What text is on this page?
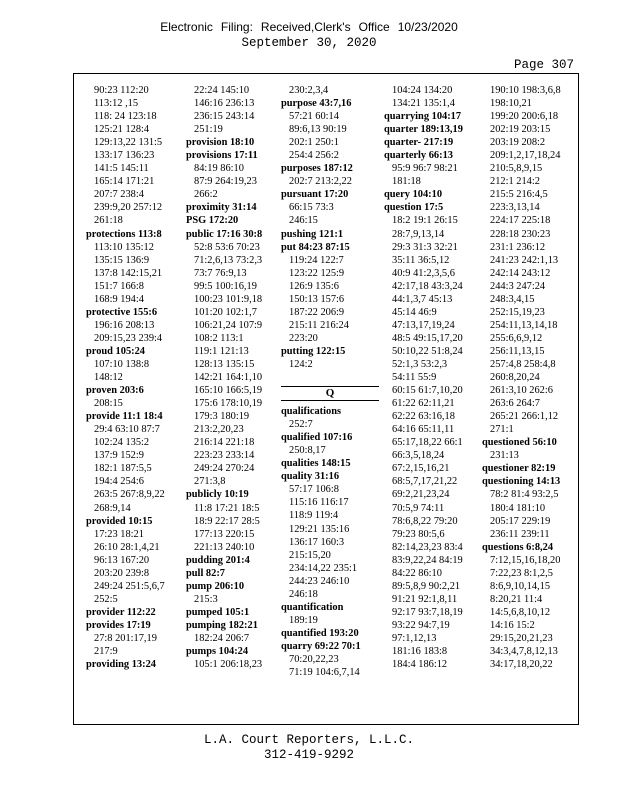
Electronic Filing: Received,Clerk's Office 10/23/2020
September 30, 2020
Page 307
90:23 112:20
113:12 ,15
118: 24 123:18
125:21 128:4
129:13,22 131:5
133:17 136:23
141:5 145:11
165:14 171:21
207:7 238:4
239:9,20 257:12
261:18
protections 113:8
113:10 135:12
135:15 136:9
137:8 142:15,21
151:7 166:8
168:9 194:4
protective 155:6
196:16 208:13
209:15,23 239:4
proud 105:24
107:10 138:8
148:12
proven 203:6
208:15
provide 11:1 18:4
29:4 63:10 87:7
102:24 135:2
137:9 152:9
182:1 187:5,5
194:4 254:6
263:5 267:8,9,22
268:9,14
provided 10:15
17:23 18:21
26:10 28:1,4,21
96:13 167:20
203:20 239:8
249:24 251:5,6,7
252:5
provider 112:22
provides 17:19
27:8 201:17,19
217:9
providing 13:24
22:24 145:10
146:16 236:13
236:15 243:14
251:19
provision 18:10
provisions 17:11
84:19 86:10
87:9 264:19,23
266:2
proximity 31:14
PSG 172:20
public 17:16 30:8
52:8 53:6 70:23
71:2,6,13 73:2,3
73:7 76:9,13
99:5 100:16,19
100:23 101:9,18
101:20 102:1,7
106:21,24 107:9
108:2 113:1
119:1 121:13
128:13 135:15
142:21 164:1,10
165:10 166:5,19
175:6 178:10,19
179:3 180:19
213:2,20,23
216:14 221:18
223:23 233:14
249:24 270:24
271:3,8
publicly 10:19
11:8 17:21 18:5
18:9 22:17 28:5
177:13 220:15
221:13 240:10
pudding 201:4
pull 82:7
pump 206:10
215:3
pumped 105:1
pumping 182:21
182:24 206:7
pumps 104:24
105:1 206:18,23
230:2,3,4
purpose 43:7,16
57:21 60:14
89:6,13 90:19
202:1 250:1
254:4 256:2
purposes 187:12
202:7 213:2,22
pursuant 17:20
66:15 73:3
246:15
pushing 121:1
put 84:23 87:15
119:24 122:7
123:22 125:9
126:9 135:6
150:13 157:6
187:22 206:9
215:11 216:24
223:20
putting 122:15
124:2
Q
qualifications
252:7
qualified 107:16
250:8,17
qualities 148:15
quality 31:16
57:17 106:8
115:16 116:17
118:9 119:4
129:21 135:16
136:17 160:3
215:15,20
234:14,22 235:1
244:23 246:10
246:18
quantification
189:19
quantified 193:20
quarry 69:22 70:1
70:20,22,23
71:19 104:6,7,14
104:24 134:20
134:21 135:1,4
quarrying 104:17
quarter 189:13,19
quarter- 217:19
quarterly 66:13
95:9 96:7 98:21
181:18
query 104:10
question 17:5
18:2 19:1 26:15
28:7,9,13,14
29:3 31:3 32:21
35:11 36:5,12
40:9 41:2,3,5,6
42:17,18 43:3,24
44:1,3,7 45:13
45:14 46:9
47:13,17,19,24
48:5 49:15,17,20
50:10,22 51:8,24
52:1,3 53:2,3
54:11 55:9
60:15 61:7,10,20
61:22 62:11,21
62:22 63:16,18
64:16 65:11,11
65:17,18,22 66:1
66:3,5,18,24
67:2,15,16,21
68:5,7,17,21,22
69:2,21,23,24
70:5,9 74:11
78:6,8,22 79:20
79:23 80:5,6
82:14,23,23 83:4
83:9,22,24 84:19
84:22 86:10
89:5,8,9 90:2,21
91:21 92:1,8,11
92:17 93:7,18,19
93:22 94:7,19
97:1,12,13
181:16 183:8
184:4 186:12
190:10 198:3,6,8
198:10,21
199:20 200:6,18
202:19 203:15
203:19 208:2
209:1,2,17,18,24
210:5,8,9,15
212:1 214:2
215:5 216:4,5
223:3,13,14
224:17 225:18
228:18 230:23
231:1 236:12
241:23 242:1,13
242:14 243:12
244:3 247:24
248:3,4,15
252:15,19,23
254:11,13,14,18
255:6,6,9,12
256:11,13,15
257:4,8 258:4,8
260:8,20,24
261:3,10 262:6
263:6 264:7
265:21 266:1,12
271:1
questioned 56:10
231:13
questioner 82:19
questioning 14:13
78:2 81:4 93:2,5
180:4 181:10
205:17 229:19
236:11 239:11
questions 6:8,24
7:12,15,16,18,20
7:22,23 8:1,2,5
8:6,9,10,14,15
8:20,21 11:4
14:5,6,8,10,12
14:16 15:2
29:15,20,21,23
34:3,4,7,8,12,13
34:17,18,20,22
L.A. Court Reporters, L.L.C.
312-419-9292
